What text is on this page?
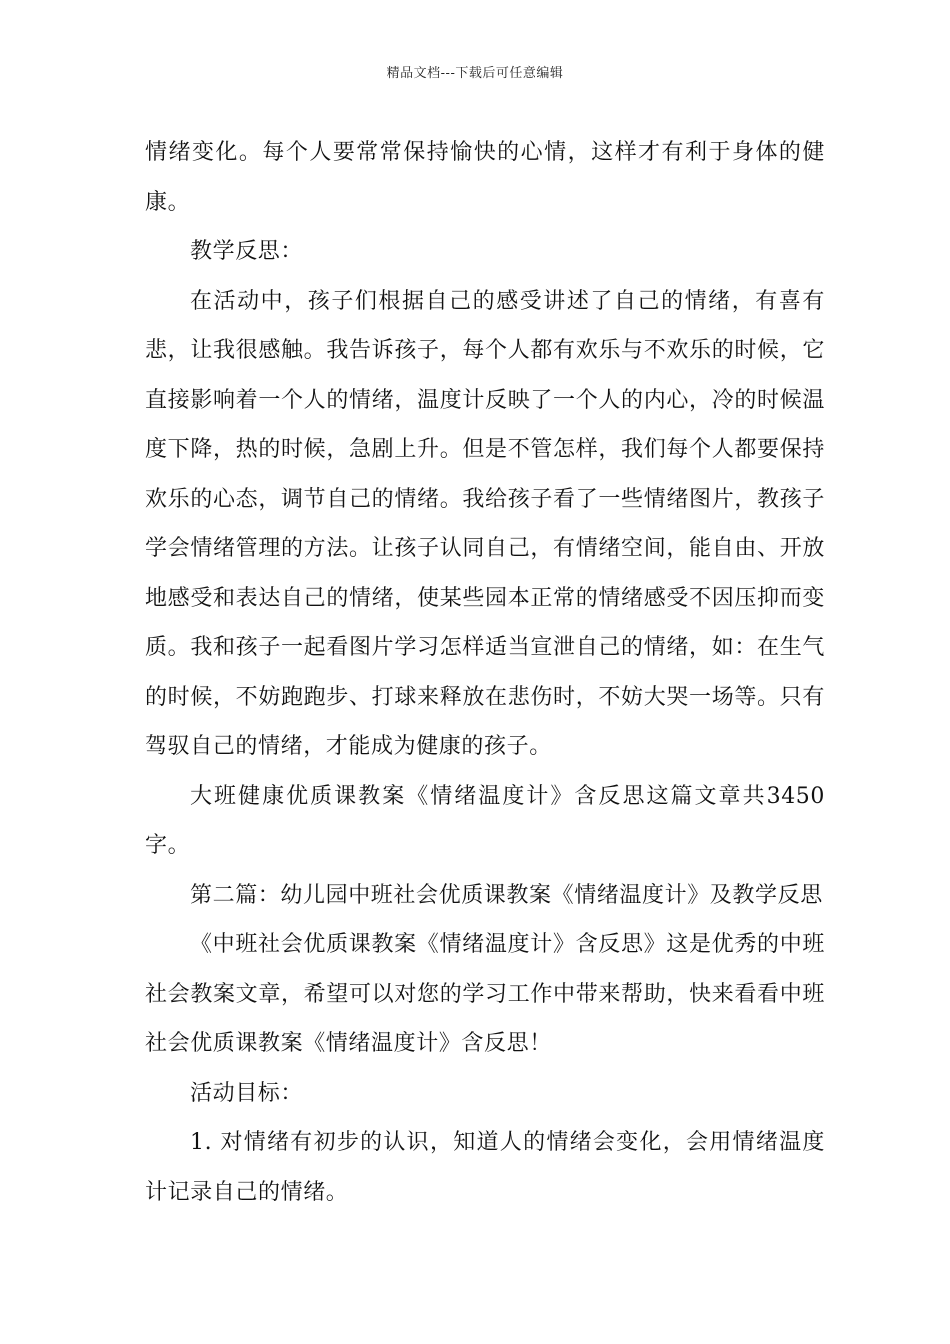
精品文档---下载后可任意编辑

情绪变化。每个人要常常保持愉快的心情，这样才有利于身体的健康。

教学反思：

在活动中，孩子们根据自己的感受讲述了自己的情绪，有喜有悲，让我很感触。我告诉孩子，每个人都有欢乐与不欢乐的时候，它直接影响着一个人的情绪，温度计反映了一个人的内心，冷的时候温度下降，热的时候，急剧上升。但是不管怎样，我们每个人都要保持欢乐的心态，调节自己的情绪。我给孩子看了一些情绪图片，教孩子学会情绪管理的方法。让孩子认同自己，有情绪空间，能自由、开放地感受和表达自己的情绪，使某些园本正常的情绪感受不因压抑而变质。我和孩子一起看图片学习怎样适当宣泄自己的情绪，如：在生气的时候，不妨跑跑步、打球来释放在悲伤时，不妨大哭一场等。只有驾驭自己的情绪，才能成为健康的孩子。

大班健康优质课教案《情绪温度计》含反思这篇文章共3450字。

第二篇：幼儿园中班社会优质课教案《情绪温度计》及教学反思

《中班社会优质课教案《情绪温度计》含反思》这是优秀的中班社会教案文章，希望可以对您的学习工作中带来帮助，快来看看中班社会优质课教案《情绪温度计》含反思！

活动目标：

1. 对情绪有初步的认识，知道人的情绪会变化，会用情绪温度计记录自己的情绪。
